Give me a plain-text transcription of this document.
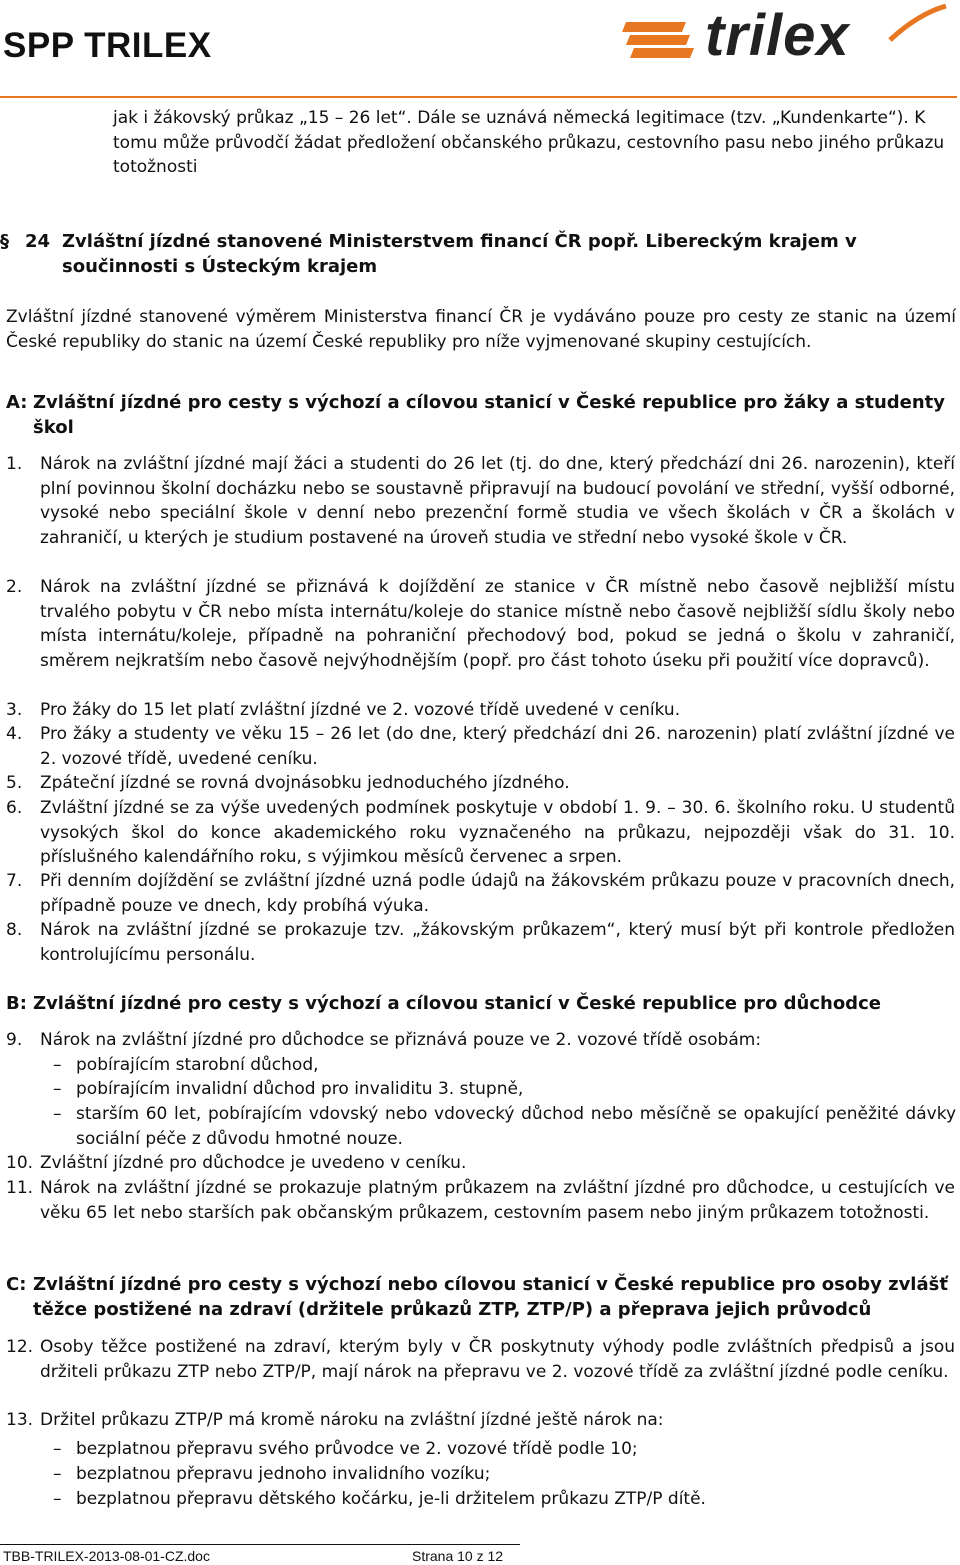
SPP TRILEX	trilex

jak i žákovský průkaz „15 – 26 let“. Dále se uznává německá legitimace (tzv. „Kundenkarte“). K tomu může průvodčí žádat předložení občanského průkazu, cestovního pasu nebo jiného průkazu totožnosti

§ 24 Zvláštní jízdné stanovené Ministerstvem financí ČR popř. Libereckým krajem v součinnosti s Ústeckým krajem

Zvláštní jízdné stanovené výměrem Ministerstva financí ČR je vydáváno pouze pro cesty ze stanic na území České republiky do stanic na území České republiky pro níže vyjmenované skupiny cestujících.

A: Zvláštní jízdné pro cesty s výchozí a cílovou stanicí v České republice pro žáky a studenty škol
1. Nárok na zvláštní jízdné mají žáci a studenti do 26 let (tj. do dne, který předchází dni 26. narozenin), kteří plní povinnou školní docházku nebo se soustavně připravují na budoucí povolání ve střední, vyšší odborné, vysoké nebo speciální škole v denní nebo prezenční formě studia ve všech školách v ČR a školách v zahraničí, u kterých je studium postavené na úroveň studia ve střední nebo vysoké škole v ČR.
2. Nárok na zvláštní jízdné se přiznává k dojíždění ze stanice v ČR místně nebo časově nejbližší místu trvalého pobytu v ČR nebo místa internátu/koleje do stanice místně nebo časově nejbližší sídlu školy nebo místa internátu/koleje, případně na pohraniční přechodový bod, pokud se jedná o školu v zahraničí, směrem nejkratším nebo časově nejvýhodnějším (popř. pro část tohoto úseku při použití více dopravců).
3. Pro žáky do 15 let platí zvláštní jízdné ve 2. vozové třídě uvedené v ceníku.
4. Pro žáky a studenty ve věku 15 – 26 let (do dne, který předchází dni 26. narozenin) platí zvláštní jízdné ve 2. vozové třídě, uvedené ceníku.
5. Zpáteční jízdné se rovná dvojnásobku jednoduchého jízdného.
6. Zvláštní jízdné se za výše uvedených podmínek poskytuje v období 1. 9. – 30. 6. školního roku. U studentů vysokých škol do konce akademického roku vyznačeného na průkazu, nejpozději však do 31. 10. příslušného kalendářního roku, s výjimkou měsíců červenec a srpen.
7. Při denním dojíždění se zvláštní jízdné uzná podle údajů na žákovském průkazu pouze v pracovních dnech, případně pouze ve dnech, kdy probíhá výuka.
8. Nárok na zvláštní jízdné se prokazuje tzv. „žákovským průkazem“, který musí být při kontrole předložen kontrolujícímu personálu.
B: Zvláštní jízdné pro cesty s výchozí a cílovou stanicí v České republice pro důchodce
9. Nárok na zvláštní jízdné pro důchodce se přiznává pouze ve 2. vozové třídě osobám:
– pobírajícím starobní důchod,
– pobírajícím invalidní důchod pro invaliditu 3. stupně,
– starším 60 let, pobírajícím vdovský nebo vdovecký důchod nebo měsíčně se opakující peněžité dávky sociální péče z důvodu hmotné nouze.
10. Zvláštní jízdné pro důchodce je uvedeno v ceníku.
11. Nárok na zvláštní jízdné se prokazuje platným průkazem na zvláštní jízdné pro důchodce, u cestujících ve věku 65 let nebo starších pak občanským průkazem, cestovním pasem nebo jiným průkazem totožnosti.
C: Zvláštní jízdné pro cesty s výchozí nebo cílovou stanicí v České republice pro osoby zvlášť těžce postižené na zdraví (držitele průkazů ZTP, ZTP/P) a přeprava jejich průvodců
12. Osoby těžce postižené na zdraví, kterým byly v ČR poskytnuty výhody podle zvláštních předpisů a jsou držiteli průkazu ZTP nebo ZTP/P, mají nárok na přepravu ve 2. vozové třídě za zvláštní jízdné podle ceníku.
13. Držitel průkazu ZTP/P má kromě nároku na zvláštní jízdné ještě nárok na:
– bezplatnou přepravu svého průvodce ve 2. vozové třídě podle 10;
– bezplatnou přepravu jednoho invalidního vozíku;
– bezplatnou přepravu dětského kočárku, je-li držitelem průkazu ZTP/P dítě.
TBB-TRILEX-2013-08-01-CZ.doc	Strana 10 z 12
